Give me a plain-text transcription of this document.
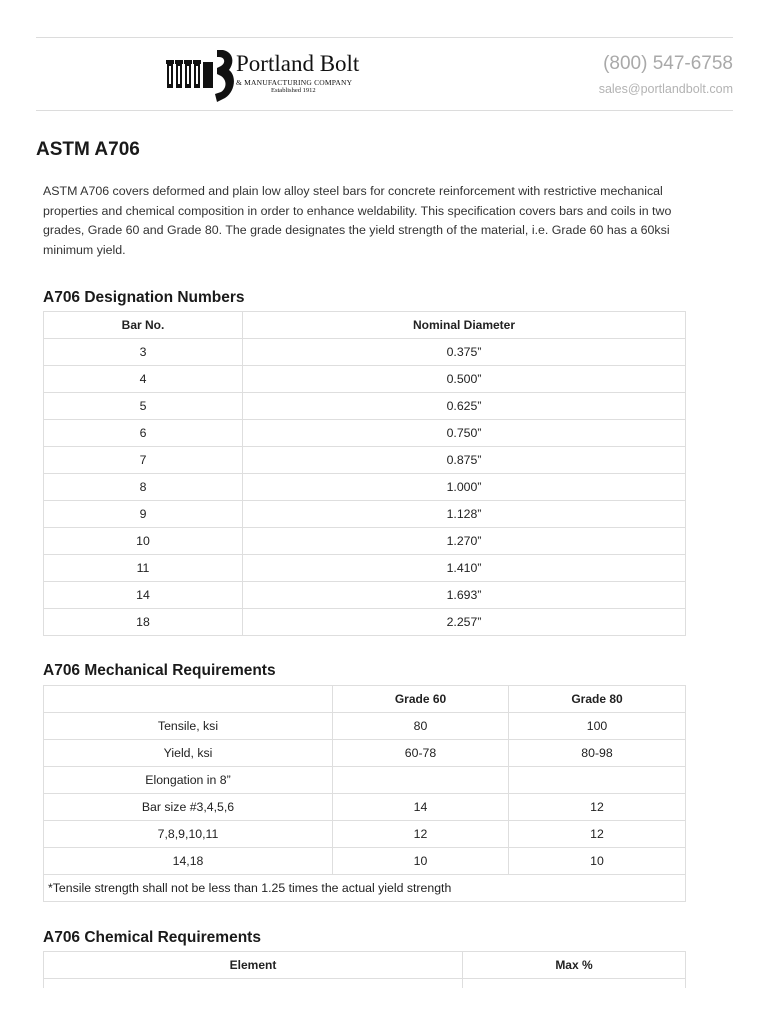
Portland Bolt
& MANUFACTURING COMPANY
Established 1912
(800) 547-6758
sales@portlandbolt.com
ASTM A706

ASTM A706 covers deformed and plain low alloy steel bars for concrete reinforcement with restrictive mechanical properties and chemical composition in order to enhance weldability. This specification covers bars and coils in two grades, Grade 60 and Grade 80. The grade designates the yield strength of the material, i.e. Grade 60 has a 60ksi minimum yield.

A706 Designation Numbers
Bar No.	Nominal Diameter
3	0.375”
4	0.500”
5	0.625”
6	0.750”
7	0.875”
8	1.000”
9	1.128”
10	1.270”
11	1.410”
14	1.693”
18	2.257”
A706 Mechanical Requirements
	Grade 60	Grade 80
Tensile, ksi	80	100
Yield, ksi	60-78	80-98
Elongation in 8”		
Bar size #3,4,5,6	14	12
7,8,9,10,11	12	12
14,18	10	10
*Tensile strength shall not be less than 1.25 times the actual yield strength		
A706 Chemical Requirements
Element	Max %
